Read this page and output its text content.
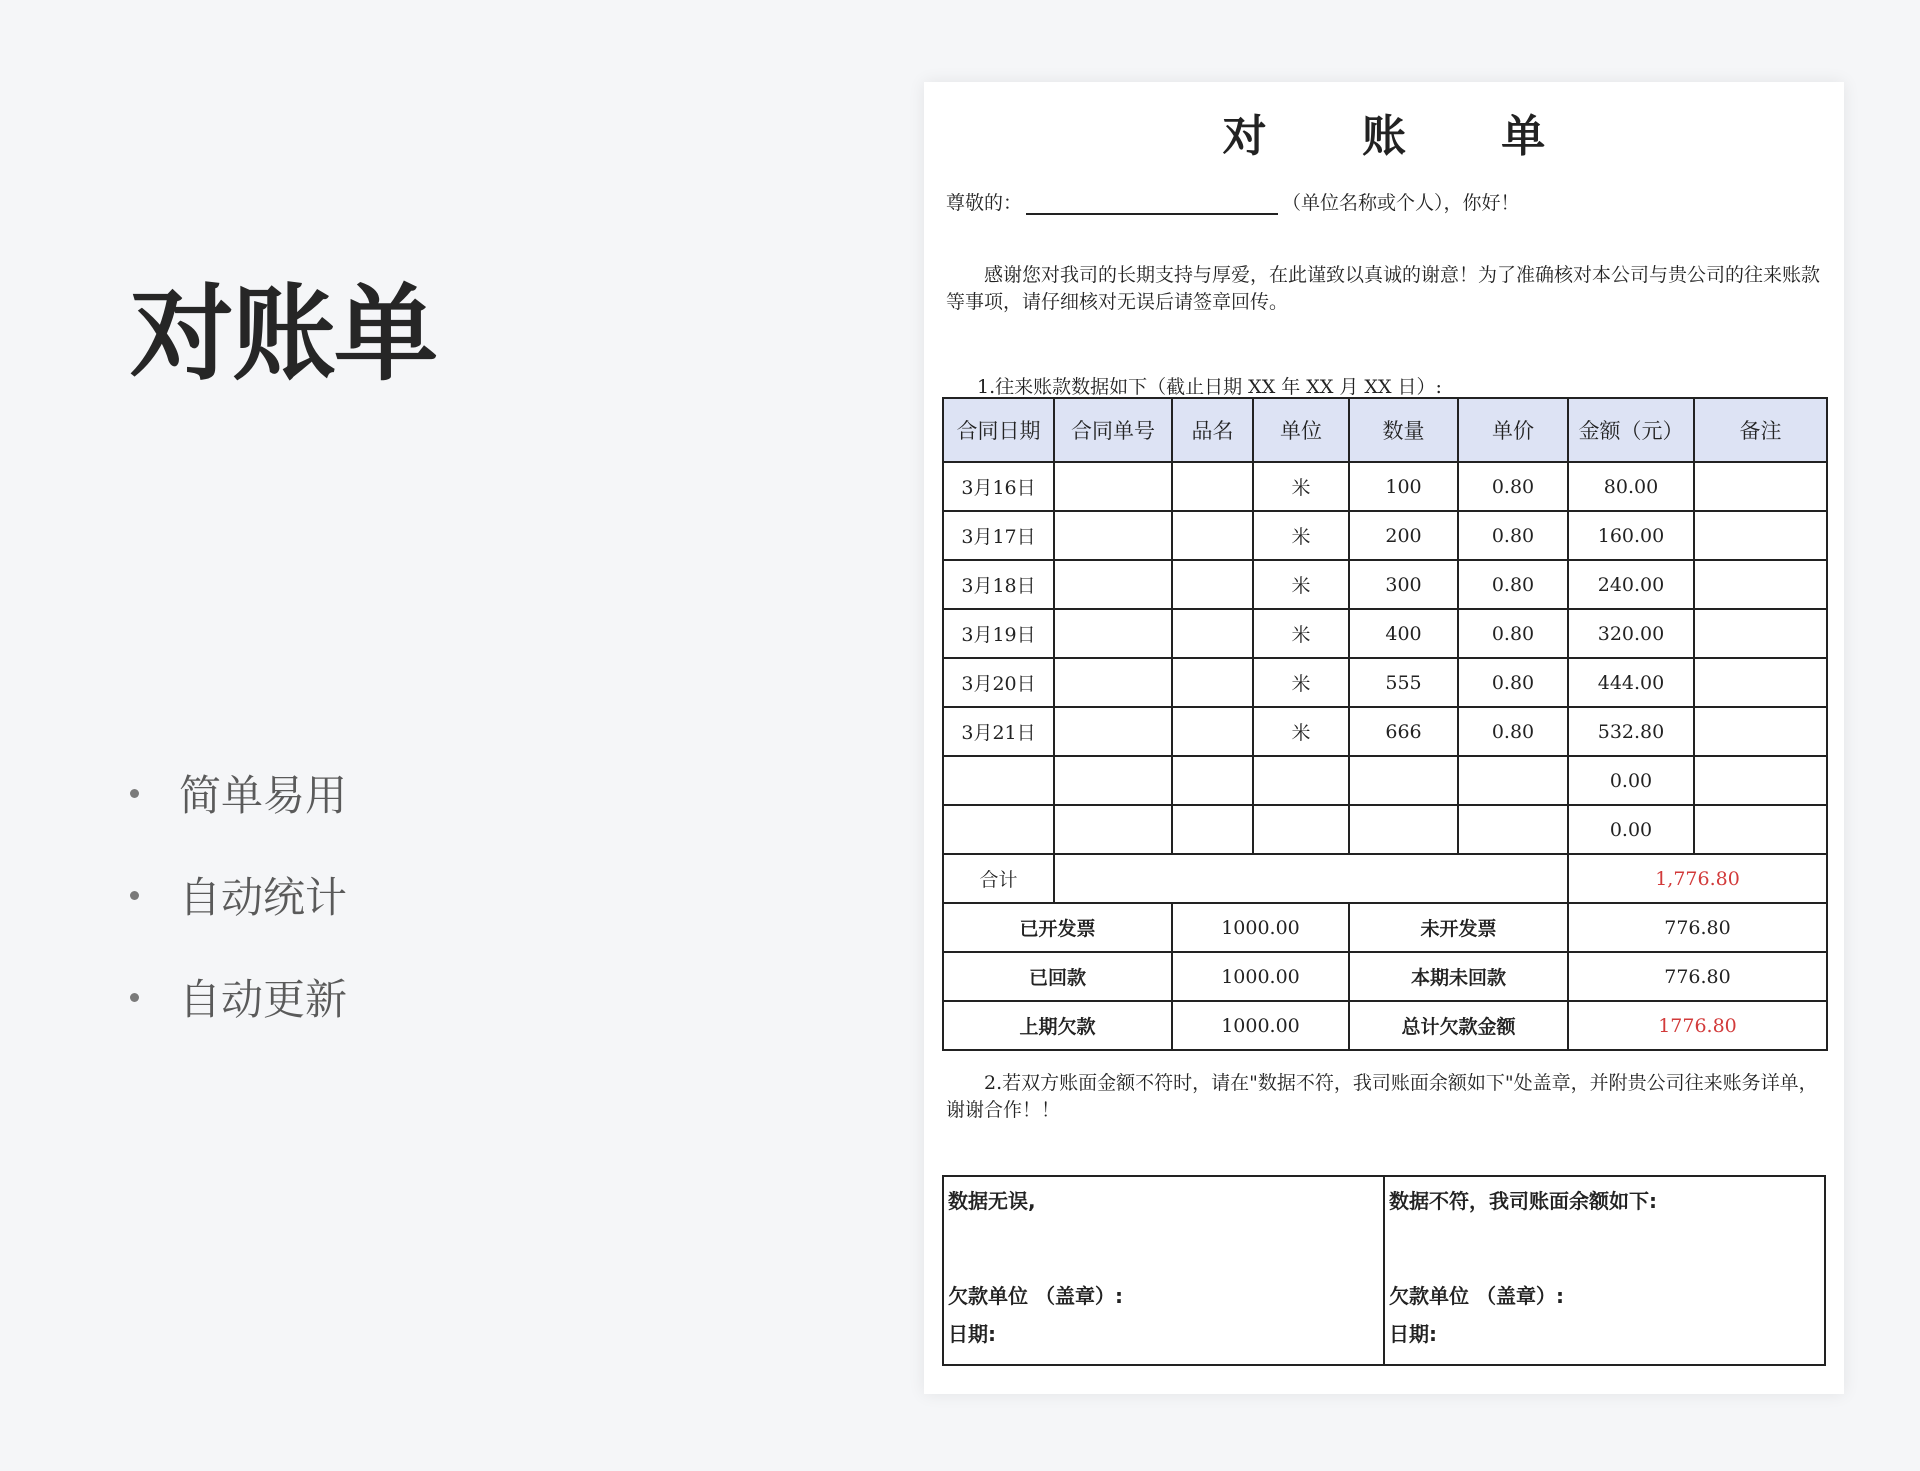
对账单
简单易用
自动统计
自动更新
对 账 单
尊敬的：	（单位名称或个人），你好！

感谢您对我司的长期支持与厚爱，在此谨致以真诚的谢意！为了准确核对本公司与贵公司的往来账款等事项，请仔细核对无误后请签章回传。

1.往来账款数据如下（截止日期 XX 年 XX 月 XX 日）:
合同日期	合同单号	品名	单位	数量	单价	金额（元）	备注
3月16日			米	100	0.80	80.00	
3月17日			米	200	0.80	160.00	
3月18日			米	300	0.80	240.00	
3月19日			米	400	0.80	320.00	
3月20日			米	555	0.80	444.00	
3月21日			米	666	0.80	532.80	
						0.00	
						0.00	
合计						1,776.80	
已开发票		1000.00		未开发票		776.80	
已回款		1000.00		本期未回款		776.80	
上期欠款		1000.00		总计欠款金额		1776.80	

2.若双方账面金额不符时，请在"数据不符，我司账面余额如下"处盖章，并附贵公司往来账务详单，谢谢合作！！

数据无误,
欠款单位 （盖章）:
日期:
数据不符，我司账面余额如下:
欠款单位 （盖章）:
日期:
